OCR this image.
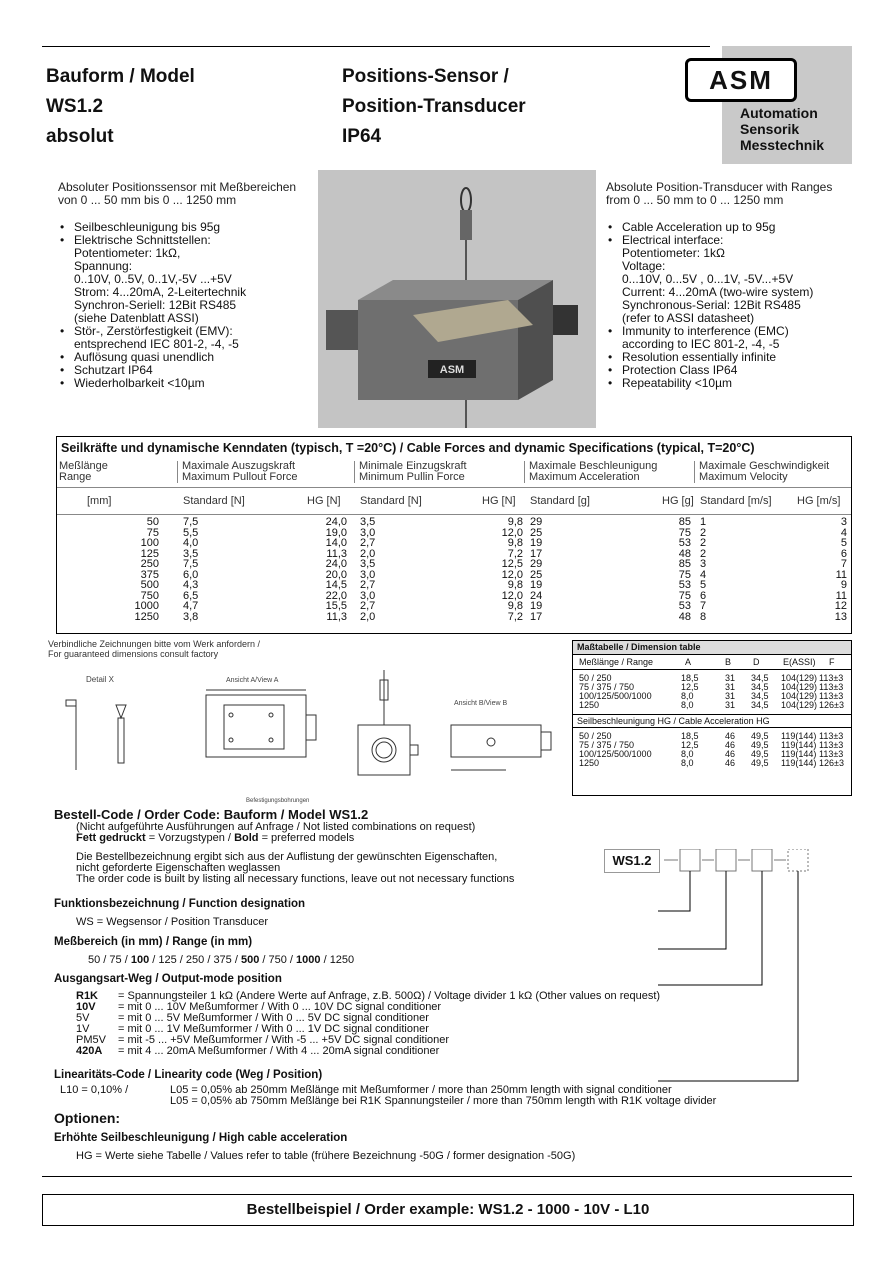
Bauform / Model
WS1.2
absolut
Positions-Sensor /
Position-Transducer
IP64
ASM
Automation
Sensorik
Messtechnik
Absoluter Positionssensor mit Meßbereichen von 0 ... 50 mm bis 0 ... 1250 mm
• Seilbeschleunigung bis 95g
• Elektrische Schnittstellen:
Potentiometer: 1kΩ,
Spannung:
0..10V, 0..5V, 0..1V,-5V ...+5V
Strom: 4...20mA, 2-Leitertechnik
Synchron-Seriell: 12Bit RS485
(siehe Datenblatt ASSI)
• Stör-, Zerstörfestigkeit (EMV):
entsprechend IEC 801-2, -4, -5
• Auflösung quasi unendlich
• Schutzart IP64
• Wiederholbarkeit <10µm
ASM
Absolute Position-Transducer with Ranges from 0 ... 50 mm to 0 ... 1250 mm
• Cable Acceleration up to 95g
• Electrical interface:
Potentiometer: 1kΩ
Voltage:
0...10V, 0...5V , 0...1V, -5V...+5V
Current: 4...20mA (two-wire system)
Synchronous-Serial: 12Bit RS485
(refer to ASSI datasheet)
• Immunity to interference (EMC)
according to IEC 801-2, -4, -5
• Resolution essentially infinite
• Protection Class IP64
• Repeatability <10µm
Seilkräfte und dynamische Kenndaten (typisch, T =20°C) / Cable Forces and dynamic Specifications (typical, T=20°C)
Meßlänge
Range
Maximale Auszugskraft
Maximum Pullout Force
Minimale Einzugskraft
Minimum Pullin Force
Maximale Beschleunigung
Maximum Acceleration
Maximale Geschwindigkeit
Maximum Velocity
[mm]	Standard [N]	HG [N] Standard [N]	HG [N] Standard [g]	HG [g] Standard [m/s] HG [m/s]
50 7,5	24,0 3,5	9,8 29	85 1	3
75 5,5	19,0 3,0	12,0 25	75 2	4
100 4,0	14,0 2,7	9,8 19	53 2	5
125 3,5	11,3 2,0	7,2 17	48 2	6
250 7,5	24,0 3,5	12,5 29	85 3	7
375 6,0	20,0 3,0	12,0 25	75 4	11
500 4,3	14,5 2,7	9,8 19	53 5	9
750 6,5	22,0 3,0	12,0 24	75 6	11
1000 4,7	15,5 2,7	9,8 19	53 7	12
1250 3,8	11,3 2,0	7,2 17	48 8	13
Verbindliche Zeichnungen bitte vom Werk anfordern /
For guaranteed dimensions consult factory
Detail X	Ansicht A/View A
Ansicht B/View B
Befestigungsbohrungen
Maßtabelle / Dimension table
Meßlänge / Range	A	B D	E(ASSI) F
50 / 250	18,5	31 34,5 104(129) 113±3
75 / 375 / 750	12,5	31 34,5 104(129) 113±3
100/125/500/1000	8,0	31 34,5 104(129) 113±3
1250	8,0	31 34,5 104(129) 126±3
Seilbeschleunigung HG / Cable Acceleration HG
50 / 250	18,5	46 49,5 119(144) 113±3
75 / 375 / 750	12,5	46 49,5 119(144) 113±3
100/125/500/1000	8,0	46 49,5 119(144) 113±3
1250	8,0	46 49,5 119(144) 126±3
Bestell-Code / Order Code: Bauform / Model WS1.2
(Nicht aufgeführte Ausführungen auf Anfrage / Not listed combinations on request)
Fett gedruckt = Vorzugstypen / Bold = preferred models
Die Bestellbezeichnung ergibt sich aus der Auflistung der gewünschten Eigenschaften,
nicht geforderte Eigenschaften weglassen
The order code is built by listing all necessary functions, leave out not necessary functions
WS1.2
Funktionsbezeichnung / Function designation
WS = Wegsensor / Position Transducer
Meßbereich (in mm) / Range (in mm)
50 / 75 / 100 / 125 / 250 / 375 / 500 / 750 / 1000 / 1250
Ausgangsart-Weg / Output-mode position
R1K = Spannungsteiler 1 kΩ (Andere Werte auf Anfrage, z.B. 500Ω) / Voltage divider 1 kΩ (Other values on request)
10V = mit 0 ... 10V Meßumformer / With 0 ... 10V DC signal conditioner
5V	= mit 0 ... 5V Meßumformer / With 0 ... 5V DC signal conditioner
1V	= mit 0 ... 1V Meßumformer / With 0 ... 1V DC signal conditioner
PM5V = mit -5 ... +5V Meßumformer / With -5 ... +5V DC signal conditioner
420A = mit 4 ... 20mA Meßumformer / With 4 ... 20mA signal conditioner
Linearitäts-Code / Linearity code (Weg / Position)
L10 = 0,10% /	L05 = 0,05% ab 250mm Meßlänge mit Meßumformer / more than 250mm length with signal conditioner
L05 = 0,05% ab 750mm Meßlänge bei R1K Spannungsteiler / more than 750mm length with R1K voltage divider
Optionen:
Erhöhte Seilbeschleunigung / High cable acceleration
HG = Werte siehe Tabelle / Values refer to table (frühere Bezeichnung -50G / former designation -50G)
Bestellbeispiel / Order example: WS1.2 - 1000 - 10V - L10
